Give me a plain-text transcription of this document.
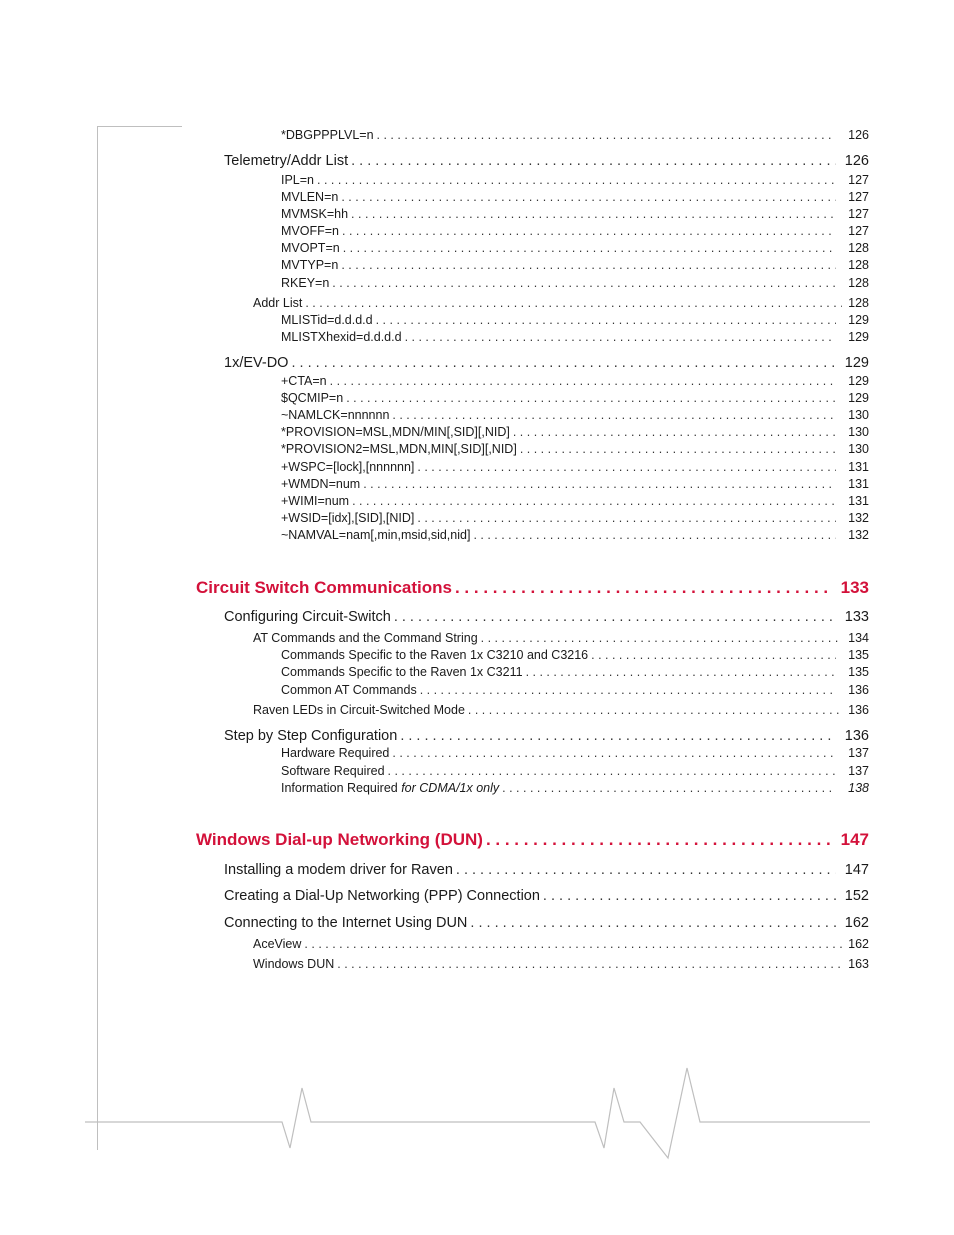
*DBGPPPLVL=n . . .	126
Telemetry/Addr List . . .	126
IPL=n . . .	127
MVLEN=n . . .	127
MVMSK=hh . . .	127
MVOFF=n . . .	127
MVOPT=n . . .	128
MVTYP=n . . .	128
RKEY=n . . .	128
Addr List . . .	128
MLISTid=d.d.d.d . . .	129
MLISTXhexid=d.d.d.d . . .	129
1x/EV-DO . . .	129
+CTA=n . . .	129
$QCMIP=n . . .	129
~NAMLCK=nnnnnn . . .	130
*PROVISION=MSL,MDN/MIN[,SID][,NID] . . .	130
*PROVISION2=MSL,MDN,MIN[,SID][,NID] . . .	130
+WSPC=[lock],[nnnnnn] . . .	131
+WMDN=num . . .	131
+WIMI=num . . .	131
+WSID=[idx],[SID],[NID] . . .	132
~NAMVAL=nam[,min,msid,sid,nid] . . .	132
Circuit Switch Communications . . .	133
Configuring Circuit-Switch . . .	133
AT Commands and the Command String . . .	134
Commands Specific to the Raven 1x C3210 and C3216 . . .	135
Commands Specific to the Raven 1x C3211 . . .	135
Common AT Commands . . .	136
Raven LEDs in Circuit-Switched Mode . . .	136
Step by Step Configuration . . .	136
Hardware Required . . .	137
Software Required . . .	137
Information Required for CDMA/1x only . . .	138
Windows Dial-up Networking (DUN) . . .	147
Installing a modem driver for Raven . . .	147
Creating a Dial-Up Networking (PPP) Connection . . .	152
Connecting to the Internet Using DUN . . .	162
AceView . . .	162
Windows DUN . . .	163
